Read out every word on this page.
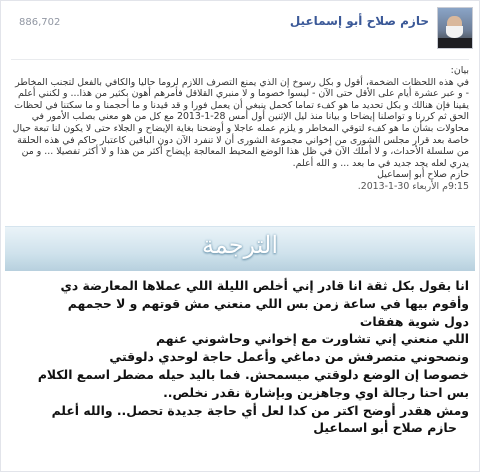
حازم صلاح أبو إسماعيل
886,702
بيان:
في هذه اللحظات الضخمة، أقول و بكل رسوخ إن الذي يمنع التصرف اللازم لروما حاليا والكافي بالفعل لتجنب المخاطر - و عبر عشرة أيام على الأقل حتى الآن - ليسوا خصوما و لا منبري القلاقل فأمرهم أهون بكثير من هذا... و لكنني أعلم يقينا فإن هنالك و بكل تحديد ما هو كفء تماما كحمل ينبغي أن يعمل فورا و قد قيدنا و ما أحجمنا و ما سكتنا في لحظات الحق ثم كررنا و تواصلنا إيضاحا و بيانا منذ ليل الإثنين أول أمس 28-1-2013 مع كل من هو معني بصلب الأمور في محاولات بشأن ما هو كفء لتوقي المخاطر و يلزم عمله عاجلا و أوضحنا بغاية الإيضاح و الجلاء حتى لا يكون لنا تبعة حيال خاصة بعد قرار مجلس الشورى من إخواني مجموعة الشورى أن لا تنفرد الآن دون الباقين كاعتبار حاكم في هذه الحلقة من سلسلة الأحداث، و لا أملك الآن في ظل هذا الوضع المحيط المعالجة بإيضاح أكثر من هذا و لا أكثر تفصيلا ... و من يدري لعله يجد جديد في ما بعد ... و الله أعلم.
حازم صلاح أبو إسماعيل
9:15م الأربعاء 30-1-2013.
الترجمة
انا بقول بكل ثقة انا قادر إني أخلص الليلة اللي عملاها المعارضة دي
وأقوم بيها في ساعة زمن بس اللي منعني مش قوتهم و لا حجمهم
دول شوية هفقات
اللي منعني إني تشاورت مع إخواني وحاشوني عنهم
ونصحوني متصرفش من دماغي وأعمل حاجة لوحدي دلوقتي
خصوصا إن الوضع دلوقتي ميسمحش. فما باليد حيله مضطر اسمع الكلام
بس احنا رجالة اوي وجاهزين وبإشارة نقدر نخلص..
ومش هقدر أوضح اكتر من كدا لعل أي حاجة جديدة تحصل.. والله أعلم
حازم صلاح أبو اسماعيل
